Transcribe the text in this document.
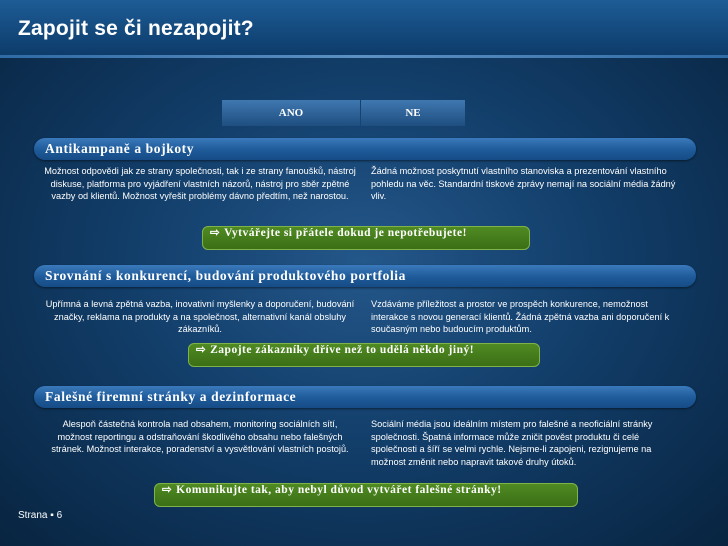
Zapojit se či nezapojit?
ANO	NE
Antikampaně a bojkoty
Možnost odpovědi jak ze strany společnosti, tak i ze strany fanoušků, nástroj diskuse, platforma pro vyjádření vlastních názorů, nástroj pro sběr zpětné vazby od klientů. Možnost vyřešit problémy dávno předtím, než narostou.
Žádná možnost poskytnutí vlastního stanoviska a prezentování vlastního pohledu na věc. Standardní tiskové zprávy nemají na sociální média žádný vliv.
⇨ Vytvářejte si přátele dokud je nepotřebujete!
Srovnání s konkurencí, budování produktového portfolia
Upřímná a levná zpětná vazba, inovativní myšlenky a doporučení, budování značky, reklama na produkty a na společnost, alternativní kanál obsluhy zákazníků.
Vzdáváme příležitost a prostor ve prospěch konkurence, nemožnost interakce s novou generací klientů. Žádná zpětná vazba ani doporučení k současným nebo budoucím produktům.
⇨ Zapojte zákazníky dříve než to udělá někdo jiný!
Falešné firemní stránky a dezinformace
Alespoň částečná kontrola nad obsahem, monitoring sociálních sítí, možnost reportingu a odstraňování škodlivého obsahu nebo falešných stránek. Možnost interakce, poradenství a vysvětlování vlastních postojů.
Sociální média jsou ideálním místem pro falešné a neoficiální stránky společnosti. Špatná informace může zničit pověst produktu či celé společnosti a šíří se velmi rychle. Nejsme-li zapojeni, rezignujeme na možnost změnit nebo napravit takové druhy útoků.
⇨ Komunikujte tak, aby nebyl důvod vytvářet falešné stránky!
Strana ▪ 6
